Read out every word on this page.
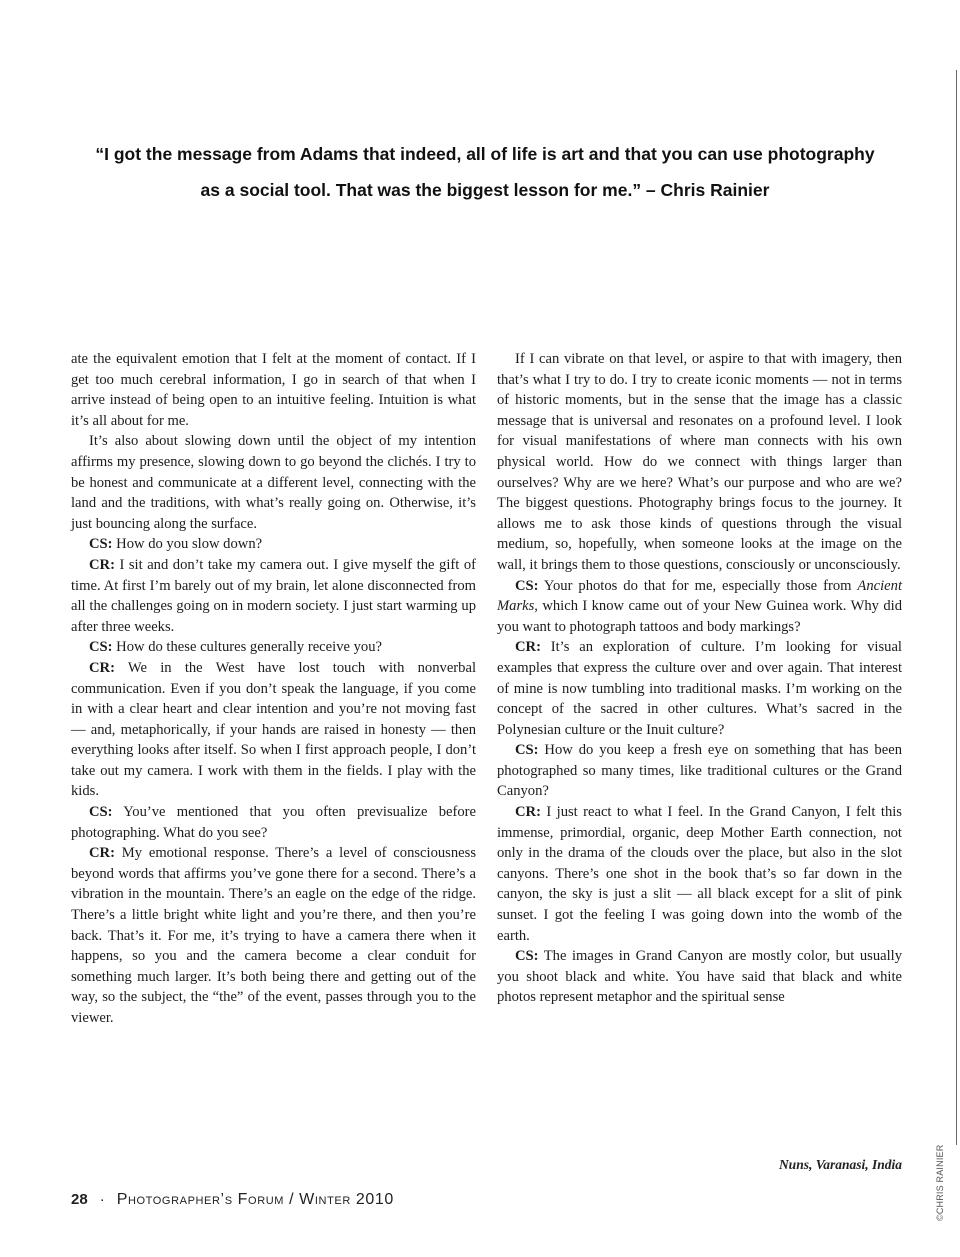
“I got the message from Adams that indeed, all of life is art and that you can use photography
as a social tool. That was the biggest lesson for me.” – Chris Rainier

ate the equivalent emotion that I felt at the moment of contact. If I get too much cerebral information, I go in search of that when I arrive instead of being open to an intuitive feeling. Intuition is what it’s all about for me.

It’s also about slowing down until the object of my intention affirms my presence, slowing down to go beyond the clichés. I try to be honest and communicate at a different level, connecting with the land and the traditions, with what’s really going on. Otherwise, it’s just bouncing along the surface.

CS: How do you slow down?

CR: I sit and don’t take my camera out. I give myself the gift of time. At first I’m barely out of my brain, let alone disconnected from all the challenges going on in modern society. I just start warming up after three weeks.

CS: How do these cultures generally receive you?

CR: We in the West have lost touch with nonverbal communication. Even if you don’t speak the language, if you come in with a clear heart and clear intention and you’re not moving fast — and, metaphorically, if your hands are raised in honesty — then everything looks after itself. So when I first approach people, I don’t take out my camera. I work with them in the fields. I play with the kids.

CS: You’ve mentioned that you often previsualize before photographing. What do you see?

CR: My emotional response. There’s a level of consciousness beyond words that affirms you’ve gone there for a second. There’s a vibration in the mountain. There’s an eagle on the edge of the ridge. There’s a little bright white light and you’re there, and then you’re back. That’s it. For me, it’s trying to have a camera there when it happens, so you and the camera become a clear conduit for something much larger. It’s both being there and getting out of the way, so the subject, the “the” of the event, passes through you to the viewer.

If I can vibrate on that level, or aspire to that with imagery, then that’s what I try to do. I try to create iconic moments — not in terms of historic moments, but in the sense that the image has a classic message that is universal and resonates on a profound level. I look for visual manifestations of where man connects with his own physical world. How do we connect with things larger than ourselves? Why are we here? What’s our purpose and who are we? The biggest questions. Photography brings focus to the journey. It allows me to ask those kinds of questions through the visual medium, so, hopefully, when someone looks at the image on the wall, it brings them to those questions, consciously or unconsciously.

CS: Your photos do that for me, especially those from Ancient Marks, which I know came out of your New Guinea work. Why did you want to photograph tattoos and body markings?

CR: It’s an exploration of culture. I’m looking for visual examples that express the culture over and over again. That interest of mine is now tumbling into traditional masks. I’m working on the concept of the sacred in other cultures. What’s sacred in the Polynesian culture or the Inuit culture?

CS: How do you keep a fresh eye on something that has been photographed so many times, like traditional cultures or the Grand Canyon?

CR: I just react to what I feel. In the Grand Canyon, I felt this immense, primordial, organic, deep Mother Earth connection, not only in the drama of the clouds over the place, but also in the slot canyons. There’s one shot in the book that’s so far down in the canyon, the sky is just a slit — all black except for a slit of pink sunset. I got the feeling I was going down into the womb of the earth.

CS: The images in Grand Canyon are mostly color, but usually you shoot black and white. You have said that black and white photos represent metaphor and the spiritual sense

©CHRIS RAINIER
Nuns, Varanasi, India
28 · Photographer’s Forum / Winter 2010
